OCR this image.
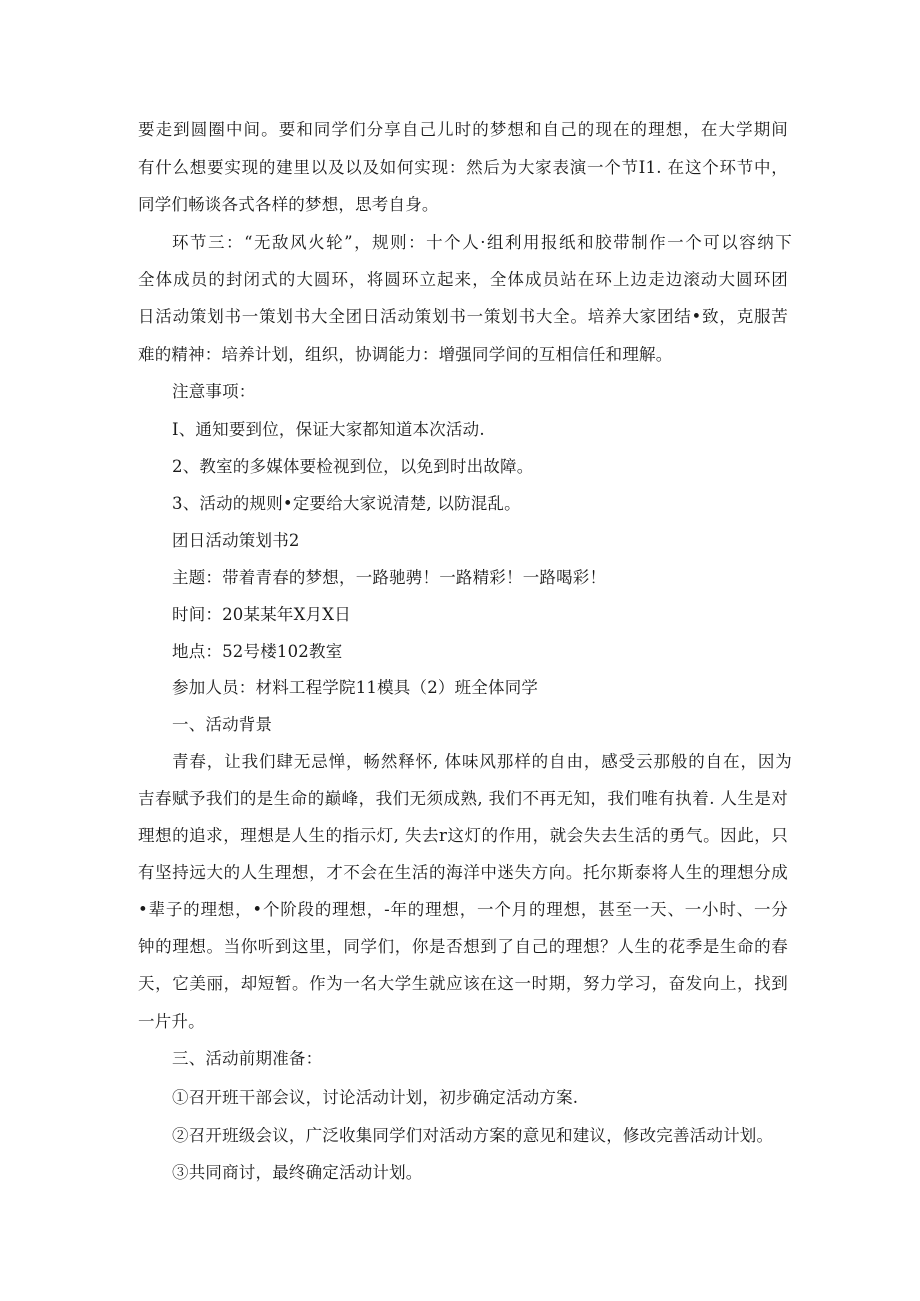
要走到圆圈中间。要和同学们分享自己儿时的梦想和自己的现在的理想，在大学期间
有什么想要实现的建里以及以及如何实现：然后为大家表演一个节I1. 在这个环节中，
同学们畅谈各式各样的梦想，思考自身。
环节三：“无敌风火轮”，规则：十个人·组利用报纸和胶带制作一个可以容纳下
全体成员的封闭式的大圆环，将圆环立起来，全体成员站在环上边走边滚动大圆环团
日活动策划书一策划书大全团日活动策划书一策划书大全。培养大家团结•致，克服苦
难的精神：培养计划，组织，协调能力：增强同学间的互相信任和理解。
注意事项：
I、通知要到位，保证大家都知道本次活动.
2、教室的多媒体要检视到位，以免到时出故障。
3、活动的规则•定要给大家说清楚, 以防混乱。
团日活动策划书2
主题：带着青春的梦想，一路驰骋！一路精彩！一路喝彩！
时间：20某某年X月X日
地点：52号楼102教室
参加人员：材料工程学院11模具（2）班全体同学
一、活动背景
青春，让我们肆无忌惮，畅然释怀, 体味风那样的自由，感受云那般的自在，因为
吉春赋予我们的是生命的巅峰，我们无须成熟, 我们不再无知，我们唯有执着. 人生是对
理想的追求，理想是人生的指示灯, 失去r这灯的作用，就会失去生活的勇气。因此，只
有坚持远大的人生理想，才不会在生活的海洋中迷失方向。托尔斯泰将人生的理想分成
•辈子的理想，•个阶段的理想，-年的理想，一个月的理想，甚至一天、一小时、一分
钟的理想。当你听到这里，同学们，你是否想到了自己的理想？人生的花季是生命的春
天，它美丽，却短暂。作为一名大学生就应该在这一时期，努力学习，奋发向上，找到
一片升。
三、活动前期准备：
①召开班干部会议，讨论活动计划，初步确定活动方案.
②召开班级会议，广泛收集同学们对活动方案的意见和建议，修改完善活动计划。
③共同商讨，最终确定活动计划。
